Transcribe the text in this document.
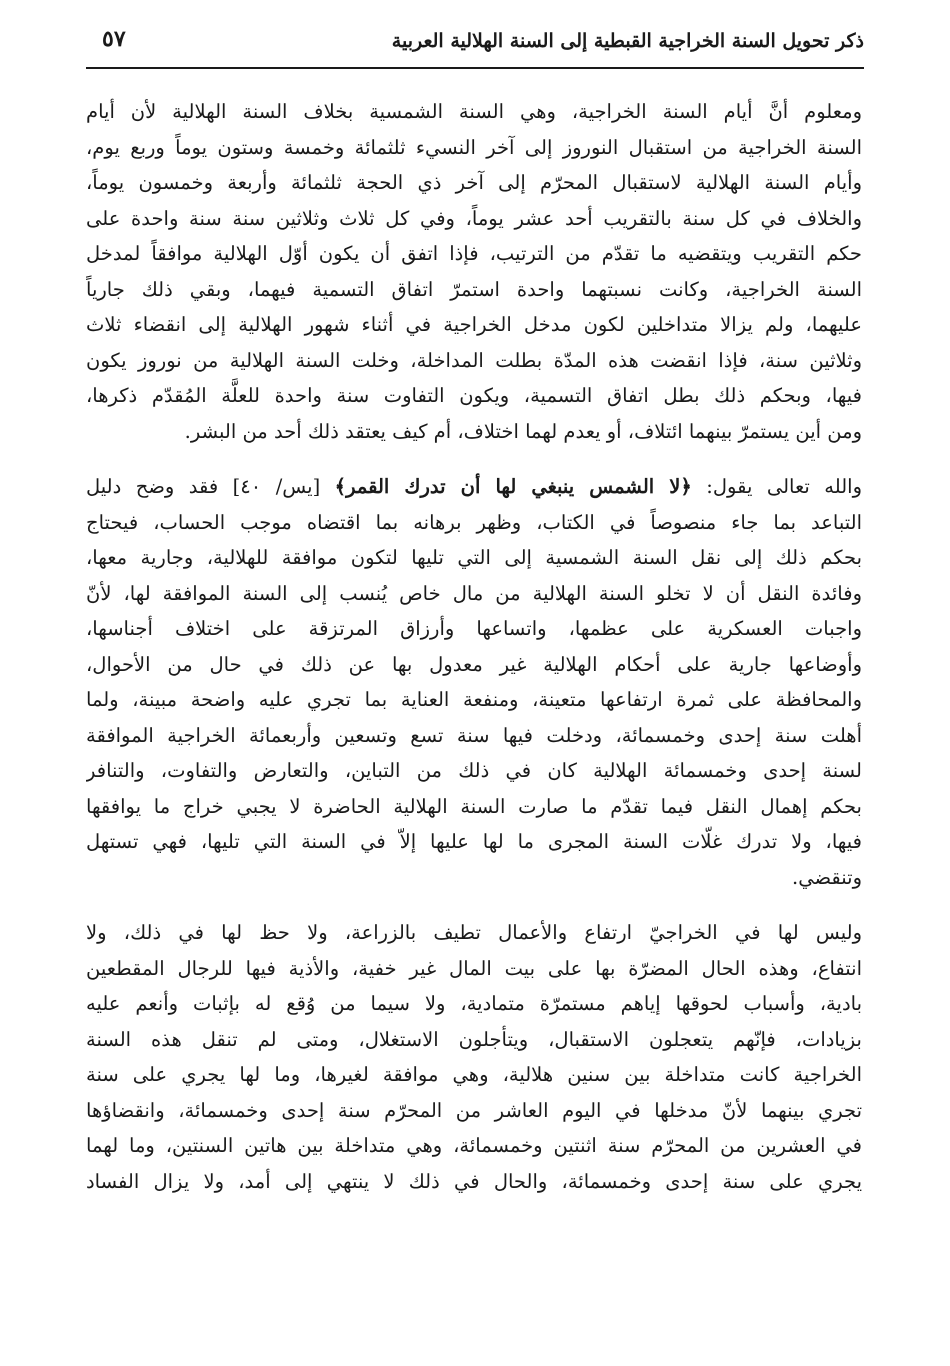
ذكر تحويل السنة الخراجية القبطية إلى السنة الهلالية العربية
٥٧
ومعلوم أنَّ أيام السنة الخراجية، وهي السنة الشمسية بخلاف السنة الهلالية لأن أيام
السنة الخراجية من استقبال النوروز إلى آخر النسيء ثلثمائة وخمسة وستون يوماً وربع يوم،
وأيام السنة الهلالية لاستقبال المحرّم إلى آخر ذي الحجة ثلثمائة وأربعة وخمسون يوماً،
والخلاف في كل سنة بالتقريب أحد عشر يوماً، وفي كل ثلاث وثلاثين سنة سنة واحدة على
حكم التقريب ويتقضيه ما تقدّم من الترتيب، فإذا اتفق أن يكون أوّل الهلالية موافقاً لمدخل
السنة الخراجية، وكانت نسبتهما واحدة استمرّ اتفاق التسمية فيهما، وبقي ذلك جارياً
عليهما، ولم يزالا متداخلين لكون مدخل الخراجية في أثناء شهور الهلالية إلى انقضاء ثلاث
وثلاثين سنة، فإذا انقضت هذه المدّة بطلت المداخلة، وخلت السنة الهلالية من نوروز يكون
فيها، وبحكم ذلك بطل اتفاق التسمية، ويكون التفاوت سنة واحدة للعلَّة المُقدّم ذكرها،
ومن أين يستمرّ بينهما ائتلاف، أو يعدم لهما اختلاف، أم كيف يعتقد ذلك أحد من البشر.
والله تعالى يقول: ﴿لا الشمس ينبغي لها أن تدرك القمر﴾ [يس/ ٤٠] فقد وضح دليل
التباعد بما جاء منصوصاً في الكتاب، وظهر برهانه بما اقتضاه موجب الحساب، فيحتاج
بحكم ذلك إلى نقل السنة الشمسية إلى التي تليها لتكون موافقة للهلالية، وجارية معها،
وفائدة النقل أن لا تخلو السنة الهلالية من مال خاص يُنسب إلى السنة الموافقة لها، لأنّ
واجبات العسكرية على عظمها، واتساعها وأرزاق المرتزقة على اختلاف أجناسها،
وأوضاعها جارية على أحكام الهلالية غير معدول بها عن ذلك في حال من الأحوال،
والمحافظة على ثمرة ارتفاعها متعينة، ومنفعة العناية بما تجري عليه واضحة مبينة، ولما
أهلت سنة إحدى وخمسمائة، ودخلت فيها سنة تسع وتسعين وأربعمائة الخراجية الموافقة
لسنة إحدى وخمسمائة الهلالية كان في ذلك من التباين، والتعارض والتفاوت، والتنافر
بحكم إهمال النقل فيما تقدّم ما صارت السنة الهلالية الحاضرة لا يجبي خراج ما يوافقها
فيها، ولا تدرك غلّات السنة المجرى ما لها عليها إلاّ في السنة التي تليها، فهي تستهل
وتنقضي.
وليس لها في الخراجيّ ارتفاع والأعمال تطيف بالزراعة، ولا حظ لها في ذلك، ولا
انتفاع، وهذه الحال المضرّة بها على بيت المال غير خفية، والأذية فيها للرجال المقطعين
بادية، وأسباب لحوقها إياهم مستمرّة متمادية، ولا سيما من وُقع له بإثبات وأنعم عليه
بزيادات، فإنّهم يتعجلون الاستقبال، ويتأجلون الاستغلال، ومتى لم تنقل هذه السنة
الخراجية كانت متداخلة بين سنين هلالية، وهي موافقة لغيرها، وما لها يجري على سنة
تجري بينهما لأنّ مدخلها في اليوم العاشر من المحرّم سنة إحدى وخمسمائة، وانقضاؤها
في العشرين من المحرّم سنة اثنتين وخمسمائة، وهي متداخلة بين هاتين السنتين، وما لهما
يجري على سنة إحدى وخمسمائة، والحال في ذلك لا ينتهي إلى أمد، ولا يزال الفساد
